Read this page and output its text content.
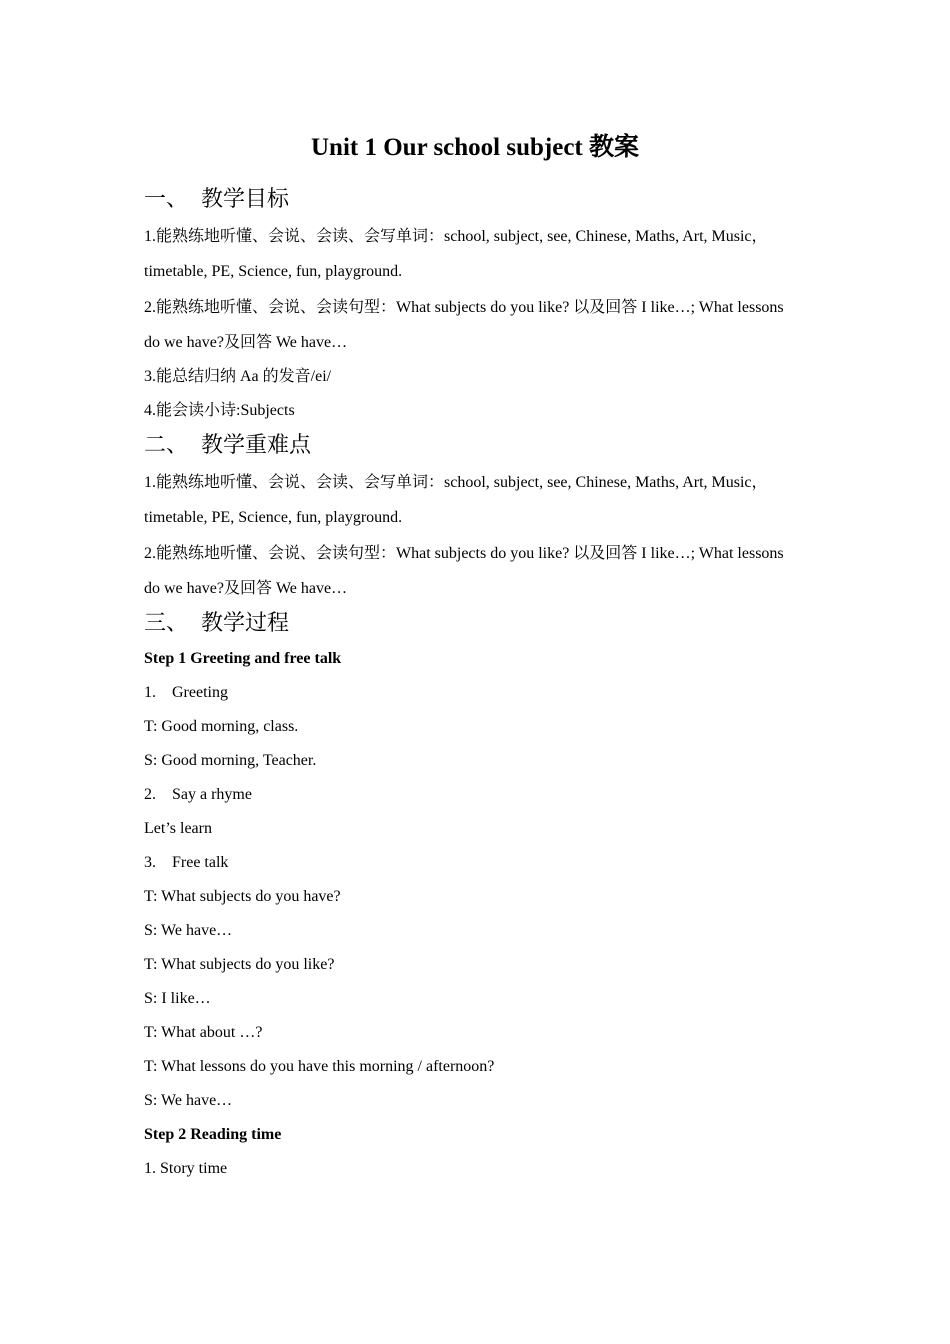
Unit 1 Our school subject 教案
一、 教学目标
1.能熟练地听懂、会说、会读、会写单词：school, subject, see, Chinese, Maths, Art, Music，
timetable, PE, Science, fun, playground.
2.能熟练地听懂、会说、会读句型：What subjects do you like? 以及回答 I like…; What lessons
do we have?及回答 We have…
3.能总结归纳 Aa 的发音/ei/
4.能会读小诗:Subjects
二、 教学重难点
1.能熟练地听懂、会说、会读、会写单词：school, subject, see, Chinese, Maths, Art, Music，
timetable, PE, Science, fun, playground.
2.能熟练地听懂、会说、会读句型：What subjects do you like? 以及回答 I like…; What lessons
do we have?及回答 We have…
三、 教学过程
Step 1 Greeting and free talk
1. Greeting
T: Good morning, class.
S: Good morning, Teacher.
2. Say a rhyme
Let’s learn
3. Free talk
T: What subjects do you have?
S: We have…
T: What subjects do you like?
S: I like…
T: What about …?
T: What lessons do you have this morning / afternoon?
S: We have…
Step 2 Reading time
1. Story time
